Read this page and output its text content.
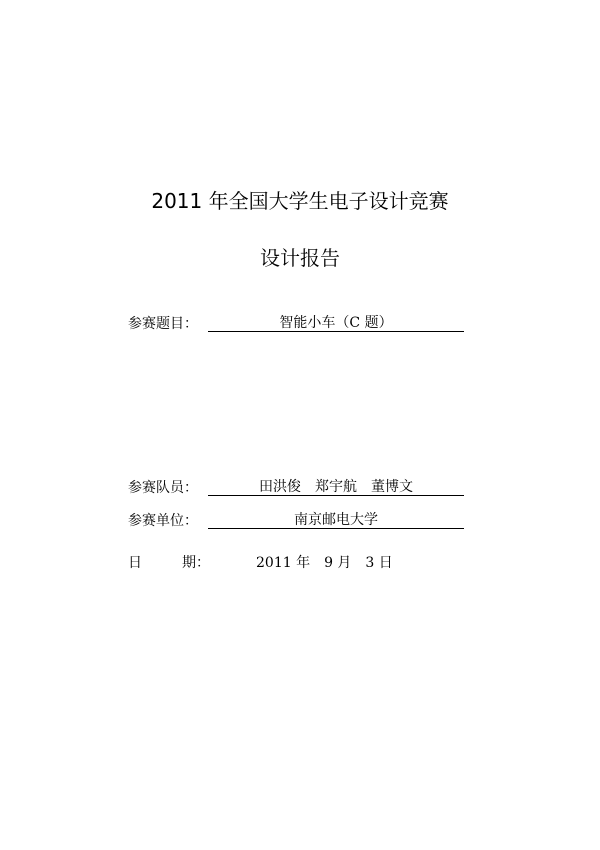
2011 年全国大学生电子设计竞赛
设计报告
参赛题目：	智能小车（C 题）
参赛队员：	田洪俊　郑宇航　董博文
参赛单位：	南京邮电大学
日	期：	2011 年　9 月　3 日
